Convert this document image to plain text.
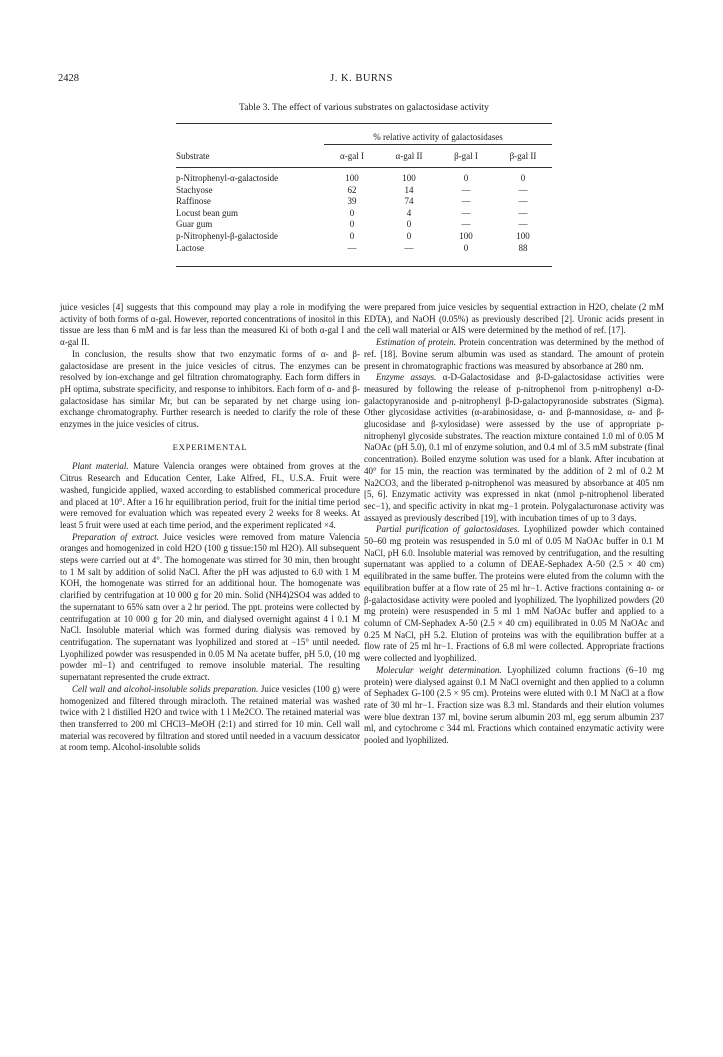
2428	J. K. BURNS
Table 3. The effect of various substrates on galactosidase activity

	% relative activity of galactosidases			
Substrate	α-gal I	α-gal II	β-gal I	β-gal II

p-Nitrophenyl-α-galactoside	100	100	0	0
Stachyose	62	14	—	—
Raffinose	39	74	—	—
Locust bean gum	0	4	—	—
Guar gum	0	0	—	—
p-Nitrophenyl-β-galactoside	0	0	100	100
Lactose	—	—	0	88

juice vesicles [4] suggests that this compound may play a role in modifying the activity of both forms of α-gal. However, reported concentrations of inositol in this tissue are less than 6 mM and is far less than the measured Ki of both α-gal I and α-gal II.

In conclusion, the results show that two enzymatic forms of α- and β-galactosidase are present in the juice vesicles of citrus. The enzymes can be resolved by ion-exchange and gel filtration chromatography. Each form differs in pH optima, substrate specificity, and response to inhibitors. Each form of α- and β-galactosidase has similar Mr, but can be separated by net charge using ion-exchange chromatography. Further research is needed to clarify the role of these enzymes in the juice vesicles of citrus.

EXPERIMENTAL

Plant material. Mature Valencia oranges were obtained from groves at the Citrus Research and Education Center, Lake Alfred, FL, U.S.A. Fruit were washed, fungicide applied, waxed according to established commerical procedure and placed at 10°. After a 16 hr equilibration period, fruit for the initial time period were removed for evaluation which was repeated every 2 weeks for 8 weeks. At least 5 fruit were used at each time period, and the experiment replicated ×4.

Preparation of extract. Juice vesicles were removed from mature Valencia oranges and homogenized in cold H2O (100 g tissue:150 ml H2O). All subsequent steps were carried out at 4°. The homogenate was stirred for 30 min, then brought to 1 M salt by addition of solid NaCl. After the pH was adjusted to 6.0 with 1 M KOH, the homogenate was stirred for an additional hour. The homogenate was clarified by centrifugation at 10 000 g for 20 min. Solid (NH4)2SO4 was added to the supernatant to 65% satn over a 2 hr period. The ppt. proteins were collected by centrifugation at 10 000 g for 20 min, and dialysed overnight against 4 l 0.1 M NaCl. Insoluble material which was formed during dialysis was removed by centrifugation. The supernatant was lyophilized and stored at −15° until needed. Lyophilized powder was resuspended in 0.05 M Na acetate buffer, pH 5.0, (10 mg powder ml−1) and centrifuged to remove insoluble material. The resulting supernatant represented the crude extract.

Cell wall and alcohol-insoluble solids preparation. Juice vesicles (100 g) were homogenized and filtered through miracloth. The retained material was washed twice with 2 l distilled H2O and twice with 1 l Me2CO. The retained material was then transferred to 200 ml CHCl3–MeOH (2:1) and stirred for 10 min. Cell wall material was recovered by filtration and stored until needed in a vacuum dessicator at room temp. Alcohol-insoluble solids

were prepared from juice vesicles by sequential extraction in H2O, chelate (2 mM EDTA), and NaOH (0.05%) as previously described [2]. Uronic acids present in the cell wall material or AIS were determined by the method of ref. [17].

Estimation of protein. Protein concentration was determined by the method of ref. [18]. Bovine serum albumin was used as standard. The amount of protein present in chromatographic fractions was measured by absorbance at 280 nm.

Enzyme assays. α-D-Galactosidase and β-D-galactosidase activities were measured by following the release of p-nitrophenol from p-nitrophenyl α-D-galactopyranoside and p-nitrophenyl β-D-galactopyranoside substrates (Sigma). Other glycosidase activities (α-arabinosidase, α- and β-mannosidase, α- and β-glucosidase and β-xylosidase) were assessed by the use of appropriate p-nitrophenyl glycoside substrates. The reaction mixture contained 1.0 ml of 0.05 M NaOAc (pH 5.0), 0.1 ml of enzyme solution, and 0.4 ml of 3.5 mM substrate (final concentration). Boiled enzyme solution was used for a blank. After incubation at 40° for 15 min, the reaction was terminated by the addition of 2 ml of 0.2 M Na2CO3, and the liberated p-nitrophenol was measured by absorbance at 405 nm [5, 6]. Enzymatic activity was expressed in nkat (nmol p-nitrophenol liberated sec−1), and specific activity in nkat mg−1 protein. Polygalacturonase activity was assayed as previously described [19], with incubation times of up to 3 days.

Partial purification of galactosidases. Lyophilized powder which contained 50–60 mg protein was resuspended in 5.0 ml of 0.05 M NaOAc buffer in 0.1 M NaCl, pH 6.0. Insoluble material was removed by centrifugation, and the resulting supernatant was applied to a column of DEAE-Sephadex A-50 (2.5 × 40 cm) equilibrated in the same buffer. The proteins were eluted from the column with the equilibration buffer at a flow rate of 25 ml hr−1. Active fractions containing α- or β-galactosidase activity were pooled and lyophilized. The lyophilized powders (20 mg protein) were resuspended in 5 ml 1 mM NaOAc buffer and applied to a column of CM-Sephadex A-50 (2.5 × 40 cm) equilibrated in 0.05 M NaOAc and 0.25 M NaCl, pH 5.2. Elution of proteins was with the equilibration buffer at a flow rate of 25 ml hr−1. Fractions of 6.8 ml were collected. Appropriate fractions were collected and lyophilized.

Molecular weight determination. Lyophilized column fractions (6–10 mg protein) were dialysed against 0.1 M NaCl overnight and then applied to a column of Sephadex G-100 (2.5 × 95 cm). Proteins were eluted with 0.1 M NaCl at a flow rate of 30 ml hr−1. Fraction size was 8.3 ml. Standards and their elution volumes were blue dextran 137 ml, bovine serum albumin 203 ml, egg serum albumin 237 ml, and cytochrome c 344 ml. Fractions which contained enzymatic activity were pooled and lyophilized.
